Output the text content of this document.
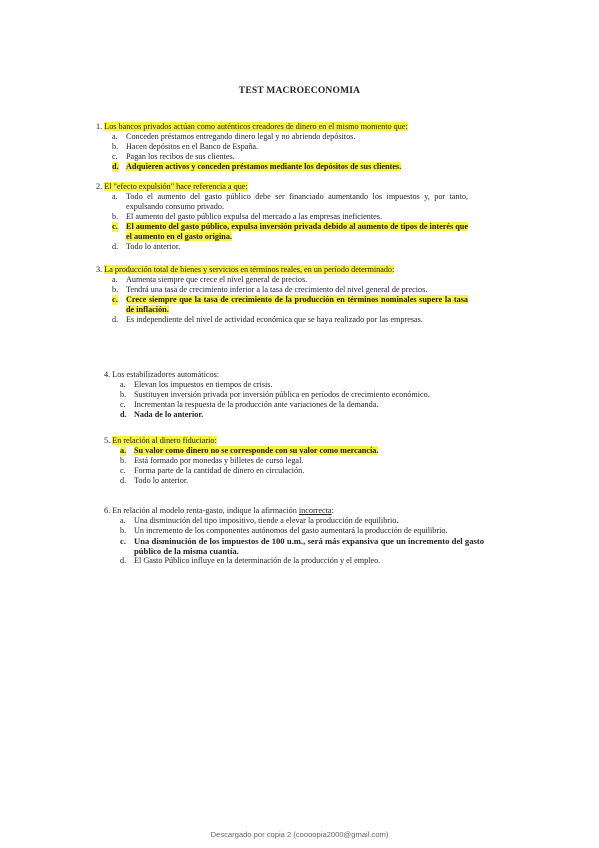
TEST MACROECONOMIA
1. Los bancos privados actúan como auténticos creadores de dinero en el mismo momento que:
a. Conceden préstamos entregando dinero legal y no abriendo depósitos.
b. Hacen depósitos en el Banco de España.
c. Pagan los recibos de sus clientes.
d. Adquieren activos y conceden préstamos mediante los depósitos de sus clientes.
2. El "efecto expulsión" hace referencia a que:
a. Todo el aumento del gasto público debe ser financiado aumentando los impuestos y, por tanto, expulsando consumo privado.
b. El aumento del gasto público expulsa del mercado a las empresas ineficientes.
c. El aumento del gasto público, expulsa inversión privada debido al aumento de tipos de interés que el aumento en el gasto origina.
d. Todo lo anterior.
3. La producción total de bienes y servicios en términos reales, en un período determinado:
a. Aumenta siempre que crece el nivel general de precios.
b. Tendrá una tasa de crecimiento inferior a la tasa de crecimiento del nivel general de precios.
c. Crece siempre que la tasa de crecimiento de la producción en términos nominales supere la tasa de inflación.
d. Es independiente del nivel de actividad económica que se haya realizado por las empresas.
4. Los estabilizadores automáticos:
a. Elevan los impuestos en tiempos de crisis.
b. Sustituyen inversión privada por inversión pública en períodos de crecimiento económico.
c. Incrementan la respuesta de la producción ante variaciones de la demanda.
d. Nada de lo anterior.
5. En relación al dinero fiduciario:
a. Su valor como dinero no se corresponde con su valor como mercancía.
b. Está formado por monedas y billetes de curso legal.
c. Forma parte de la cantidad de dinero en circulación.
d. Todo lo anterior.
6. En relación al modelo renta-gasto, indique la afirmación incorrecta:
a. Una disminución del tipo impositivo, tiende a elevar la producción de equilibrio.
b. Un incremento de los componentes autónomos del gasto aumentará la producción de equilibrio.
c. Una disminución de los impuestos de 100 u.m., será más expansiva que un incremento del gasto público de la misma cuantía.
d. El Gasto Público influye en la determinación de la producción y el empleo.
Descargado por copia 2 (coooopia2000@gmail.com)
